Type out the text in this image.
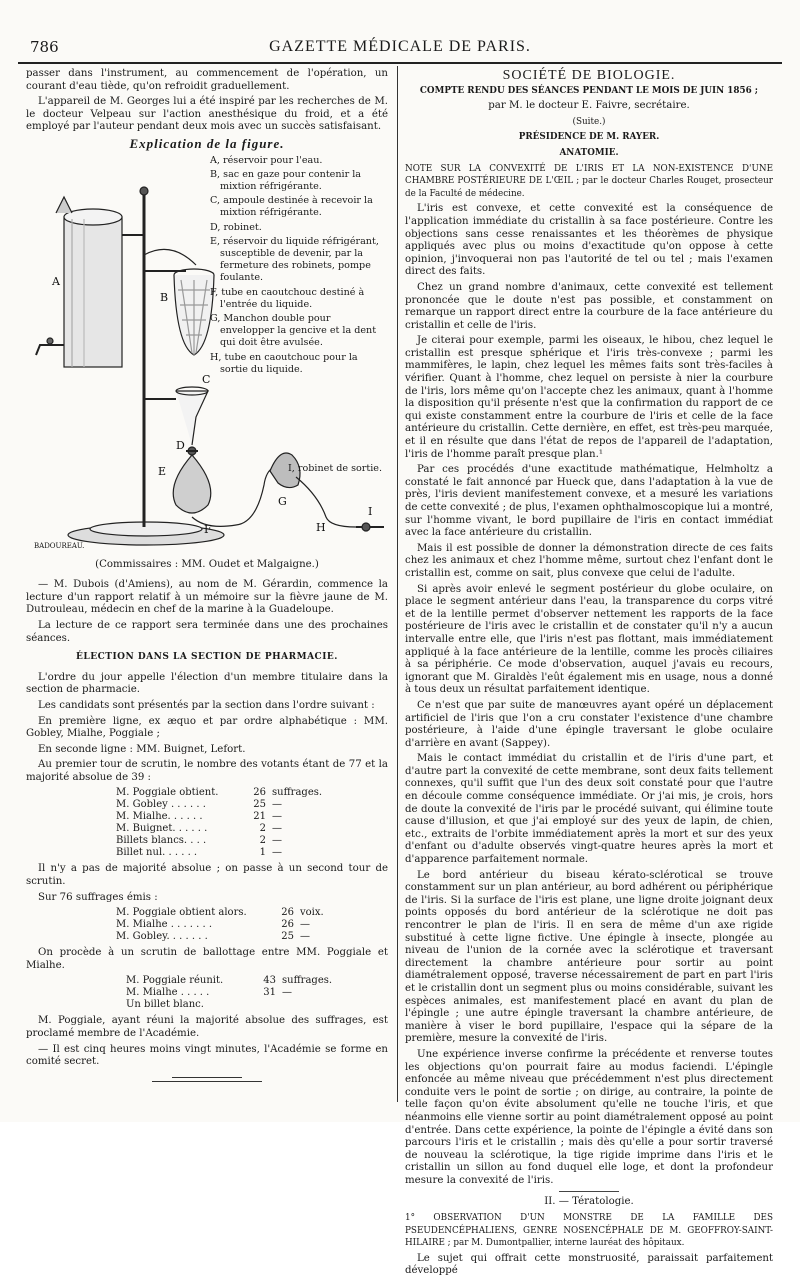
786	GAZETTE MÉDICALE DE PARIS.

passer dans l'instrument, au commencement de l'opération, un courant d'eau tiède, qu'on refroidit graduellement.

L'appareil de M. Georges lui a été inspiré par les recherches de M. le docteur Velpeau sur l'action anesthésique du froid, et a été employé par l'auteur pendant deux mois avec un succès satisfaisant.

Explication de la figure.
A
B
C
D
E
F
G
H
I
BADOUREAU.
A, réservoir pour l'eau.
B, sac en gaze pour contenir la mixtion réfrigérante.
C, ampoule destinée à recevoir la mixtion réfrigérante.
D, robinet.
E, réservoir du liquide réfrigérant, susceptible de devenir, par la fermeture des robinets, pompe foulante.
F, tube en caoutchouc destiné à l'entrée du liquide.
G, Manchon double pour envelopper la gencive et la dent qui doit être avulsée.
H, tube en caoutchouc pour la sortie du liquide.
I, robinet de sortie.

(Commissaires : MM. Oudet et Malgaigne.)

— M. Dubois (d'Amiens), au nom de M. Gérardin, commence la lecture d'un rapport relatif à un mémoire sur la fièvre jaune de M. Dutrouleau, médecin en chef de la marine à la Guadeloupe.

La lecture de ce rapport sera terminée dans une des prochaines séances.

ÉLECTION DANS LA SECTION DE PHARMACIE.

L'ordre du jour appelle l'élection d'un membre titulaire dans la section de pharmacie.

Les candidats sont présentés par la section dans l'ordre suivant :

En première ligne, ex æquo et par ordre alphabétique : MM. Gobley, Mialhe, Poggiale ;

En seconde ligne : MM. Buignet, Lefort.

Au premier tour de scrutin, le nombre des votants étant de 77 et la majorité absolue de 39 :

M. Poggiale obtient.	26 suffrages.
M. Gobley . . . . . .	25 —
M. Mialhe. . . . . .	21 —
M. Buignet. . . . . .	2 —
Billets blancs. . . .	2 —
Billet nul. . . . . .	1 —

Il n'y a pas de majorité absolue ; on passe à un second tour de scrutin.

Sur 76 suffrages émis :

M. Poggiale obtient alors.	26 voix.
M. Mialhe . . . . . . .	26 —
M. Gobley. . . . . . .	25 —

On procède à un scrutin de ballottage entre MM. Poggiale et Mialhe.

M. Poggiale réunit.	43 suffrages.
M. Mialhe . . . . .	31 —
Un billet blanc.

M. Poggiale, ayant réuni la majorité absolue des suffrages, est proclamé membre de l'Académie.

— Il est cinq heures moins vingt minutes, l'Académie se forme en comité secret.

SOCIÉTÉ DE BIOLOGIE.

COMPTE RENDU DES SÉANCES PENDANT LE MOIS DE JUIN 1856 ;

par M. le docteur E. Faivre, secrétaire.

(Suite.)

PRÉSIDENCE DE M. RAYER.

ANATOMIE.

NOTE SUR LA CONVEXITÉ DE L'IRIS ET LA NON-EXISTENCE D'UNE CHAMBRE POSTÉRIEURE DE L'ŒIL ; par le docteur Charles Rouget, prosecteur de la Faculté de médecine.

L'iris est convexe, et cette convexité est la conséquence de l'application immédiate du cristallin à sa face postérieure. Contre les objections sans cesse renaissantes et les théorèmes de physique appliqués avec plus ou moins d'exactitude qu'on oppose à cette opinion, j'invoquerai non pas l'autorité de tel ou tel ; mais l'examen direct des faits.

Chez un grand nombre d'animaux, cette convexité est tellement prononcée que le doute n'est pas possible, et constamment on remarque un rapport direct entre la courbure de la face antérieure du cristallin et celle de l'iris.

Je citerai pour exemple, parmi les oiseaux, le hibou, chez lequel le cristallin est presque sphérique et l'iris très-convexe ; parmi les mammifères, le lapin, chez lequel les mêmes faits sont très-faciles à vérifier. Quant à l'homme, chez lequel on persiste à nier la courbure de l'iris, lors même qu'on l'accepte chez les animaux, quant à l'homme la disposition qu'il présente n'est que la confirmation du rapport de ce qui existe constamment entre la courbure de l'iris et celle de la face antérieure du cristallin. Cette dernière, en effet, est très-peu marquée, et il en résulte que dans l'état de repos de l'appareil de l'adaptation, l'iris de l'homme paraît presque plan.¹

Par ces procédés d'une exactitude mathématique, Helmholtz a constaté le fait annoncé par Hueck que, dans l'adaptation à la vue de près, l'iris devient manifestement convexe, et a mesuré les variations de cette convexité ; de plus, l'examen ophthalmoscopique lui a montré, sur l'homme vivant, le bord pupillaire de l'iris en contact immédiat avec la face antérieure du cristallin.

Mais il est possible de donner la démonstration directe de ces faits chez les animaux et chez l'homme même, surtout chez l'enfant dont le cristallin est, comme on sait, plus convexe que celui de l'adulte.

Si après avoir enlevé le segment postérieur du globe oculaire, on place le segment antérieur dans l'eau, la transparence du corps vitré et de la lentille permet d'observer nettement les rapports de la face postérieure de l'iris avec le cristallin et de constater qu'il n'y a aucun intervalle entre elle, que l'iris n'est pas flottant, mais immédiatement appliqué à la face antérieure de la lentille, comme les procès ciliaires à sa périphérie. Ce mode d'observation, auquel j'avais eu recours, ignorant que M. Giraldès l'eût également mis en usage, nous a donné à tous deux un résultat parfaitement identique.

Ce n'est que par suite de manœuvres ayant opéré un déplacement artificiel de l'iris que l'on a cru constater l'existence d'une chambre postérieure, à l'aide d'une épingle traversant le globe oculaire d'arrière en avant (Sappey).

Mais le contact immédiat du cristallin et de l'iris d'une part, et d'autre part la convexité de cette membrane, sont deux faits tellement connexes, qu'il suffit que l'un des deux soit constaté pour que l'autre en découle comme conséquence immédiate. Or j'ai mis, je crois, hors de doute la convexité de l'iris par le procédé suivant, qui élimine toute cause d'illusion, et que j'ai employé sur des yeux de lapin, de chien, etc., extraits de l'orbite immédiatement après la mort et sur des yeux d'enfant ou d'adulte observés vingt-quatre heures après la mort et d'apparence parfaitement normale.

Le bord antérieur du biseau kérato-sclérotical se trouve constamment sur un plan antérieur, au bord adhérent ou périphérique de l'iris. Si la surface de l'iris est plane, une ligne droite joignant deux points opposés du bord antérieur de la sclérotique ne doit pas rencontrer le plan de l'iris. Il en sera de même d'un axe rigide substitué à cette ligne fictive. Une épingle à insecte, plongée au niveau de l'union de la cornée avec la sclérotique et traversant directement la chambre antérieure pour sortir au point diamétralement opposé, traverse nécessairement de part en part l'iris et le cristallin dont un segment plus ou moins considérable, suivant les espèces animales, est manifestement placé en avant du plan de l'épingle ; une autre épingle traversant la chambre antérieure, de manière à viser le bord pupillaire, l'espace qui la sépare de la première, mesure la convexité de l'iris.

Une expérience inverse confirme la précédente et renverse toutes les objections qu'on pourrait faire au modus faciendi. L'épingle enfoncée au même niveau que précédemment n'est plus directement conduite vers le point de sortie ; on dirige, au contraire, la pointe de telle façon qu'on évite absolument qu'elle ne touche l'iris, et que néanmoins elle vienne sortir au point diamétralement opposé au point d'entrée. Dans cette expérience, la pointe de l'épingle a évité dans son parcours l'iris et le cristallin ; mais dès qu'elle a pour sortir traversé de nouveau la sclérotique, la tige rigide imprime dans l'iris et le cristallin un sillon au fond duquel elle loge, et dont la profondeur mesure la convexité de l'iris.

II. — Tératologie.

1° OBSERVATION D'UN MONSTRE DE LA FAMILLE DES PSEUDENCÉPHALIENS, GENRE NOSENCÉPHALE DE M. GEOFFROY-SAINT-HILAIRE ; par M. Dumontpallier, interne lauréat des hôpitaux.

Le sujet qui offrait cette monstruosité, paraissait parfaitement développé
